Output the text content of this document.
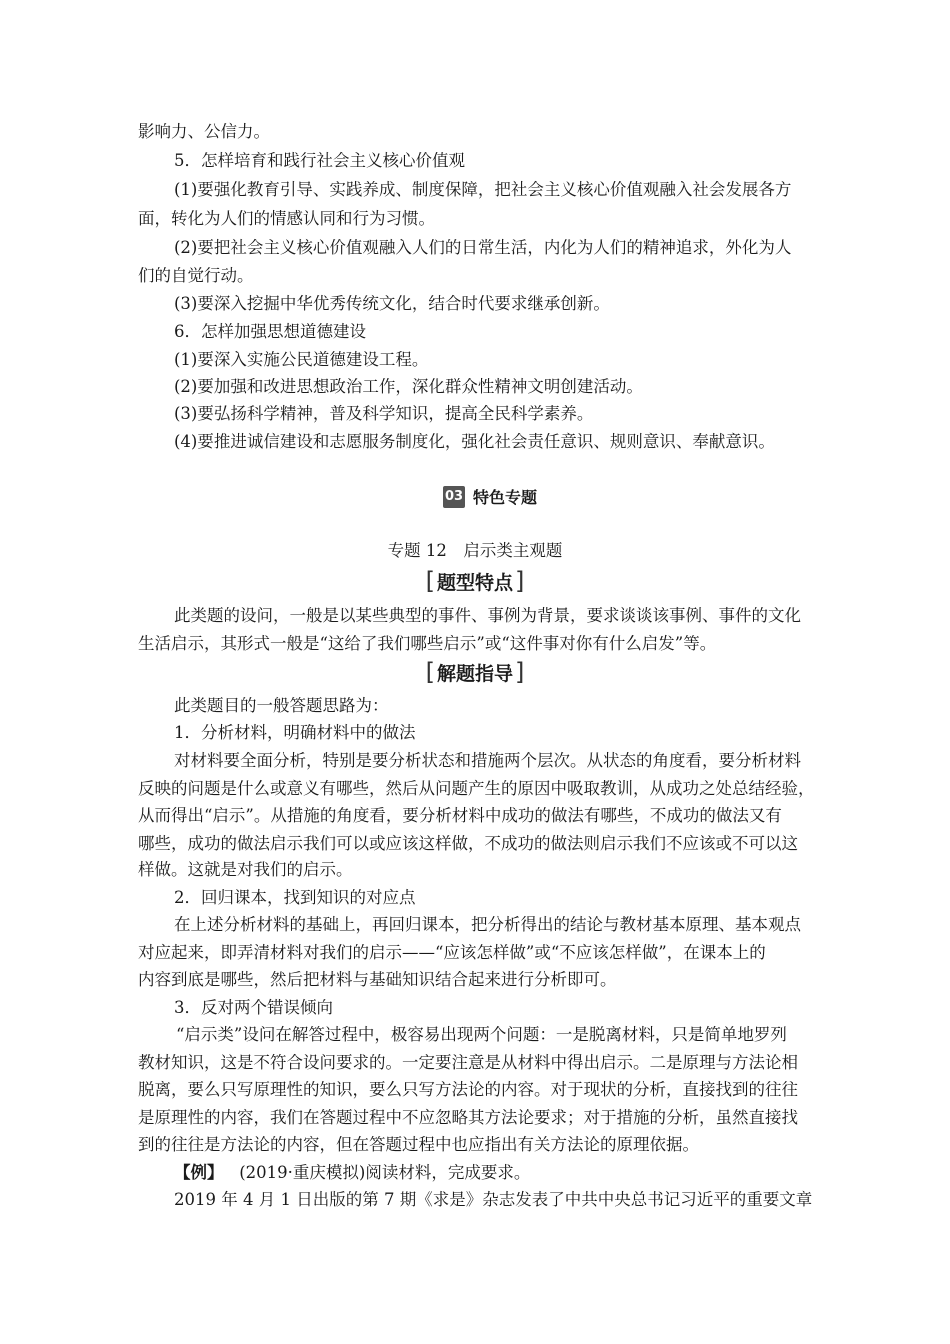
影响力、公信力。
5．怎样培育和践行社会主义核心价值观
(1)要强化教育引导、实践养成、制度保障，把社会主义核心价值观融入社会发展各方
面，转化为人们的情感认同和行为习惯。
(2)要把社会主义核心价值观融入人们的日常生活，内化为人们的精神追求，外化为人
们的自觉行动。
(3)要深入挖掘中华优秀传统文化，结合时代要求继承创新。
6．怎样加强思想道德建设
(1)要深入实施公民道德建设工程。
(2)要加强和改进思想政治工作，深化群众性精神文明创建活动。
(3)要弘扬科学精神，普及科学知识，提高全民科学素养。
(4)要推进诚信建设和志愿服务制度化，强化社会责任意识、规则意识、奉献意识。
03 特色专题
专题 12　启示类主观题
[ 题型特点]
此类题的设问，一般是以某些典型的事件、事例为背景，要求谈谈该事例、事件的文化
生活启示，其形式一般是“这给了我们哪些启示”或“这件事对你有什么启发”等。
[ 解题指导]
此类题目的一般答题思路为：
1．分析材料，明确材料中的做法
对材料要全面分析，特别是要分析状态和措施两个层次。从状态的角度看，要分析材料
反映的问题是什么或意义有哪些，然后从问题产生的原因中吸取教训，从成功之处总结经验，
从而得出“启示”。从措施的角度看，要分析材料中成功的做法有哪些，不成功的做法又有
哪些，成功的做法启示我们可以或应该这样做，不成功的做法则启示我们不应该或不可以这
样做。这就是对我们的启示。
2．回归课本，找到知识的对应点
在上述分析材料的基础上，再回归课本，把分析得出的结论与教材基本原理、基本观点
对应起来，即弄清材料对我们的启示——“应该怎样做”或“不应该怎样做”，在课本上的
内容到底是哪些，然后把材料与基础知识结合起来进行分析即可。
3．反对两个错误倾向
“启示类”设问在解答过程中，极容易出现两个问题：一是脱离材料，只是简单地罗列
教材知识，这是不符合设问要求的。一定要注意是从材料中得出启示。二是原理与方法论相
脱离，要么只写原理性的知识，要么只写方法论的内容。对于现状的分析，直接找到的往往
是原理性的内容，我们在答题过程中不应忽略其方法论要求；对于措施的分析，虽然直接找
到的往往是方法论的内容，但在答题过程中也应指出有关方法论的原理依据。
【例】 (2019·重庆模拟)阅读材料，完成要求。
2019 年 4 月 1 日出版的第 7 期《求是》杂志发表了中共中央总书记习近平的重要文章
